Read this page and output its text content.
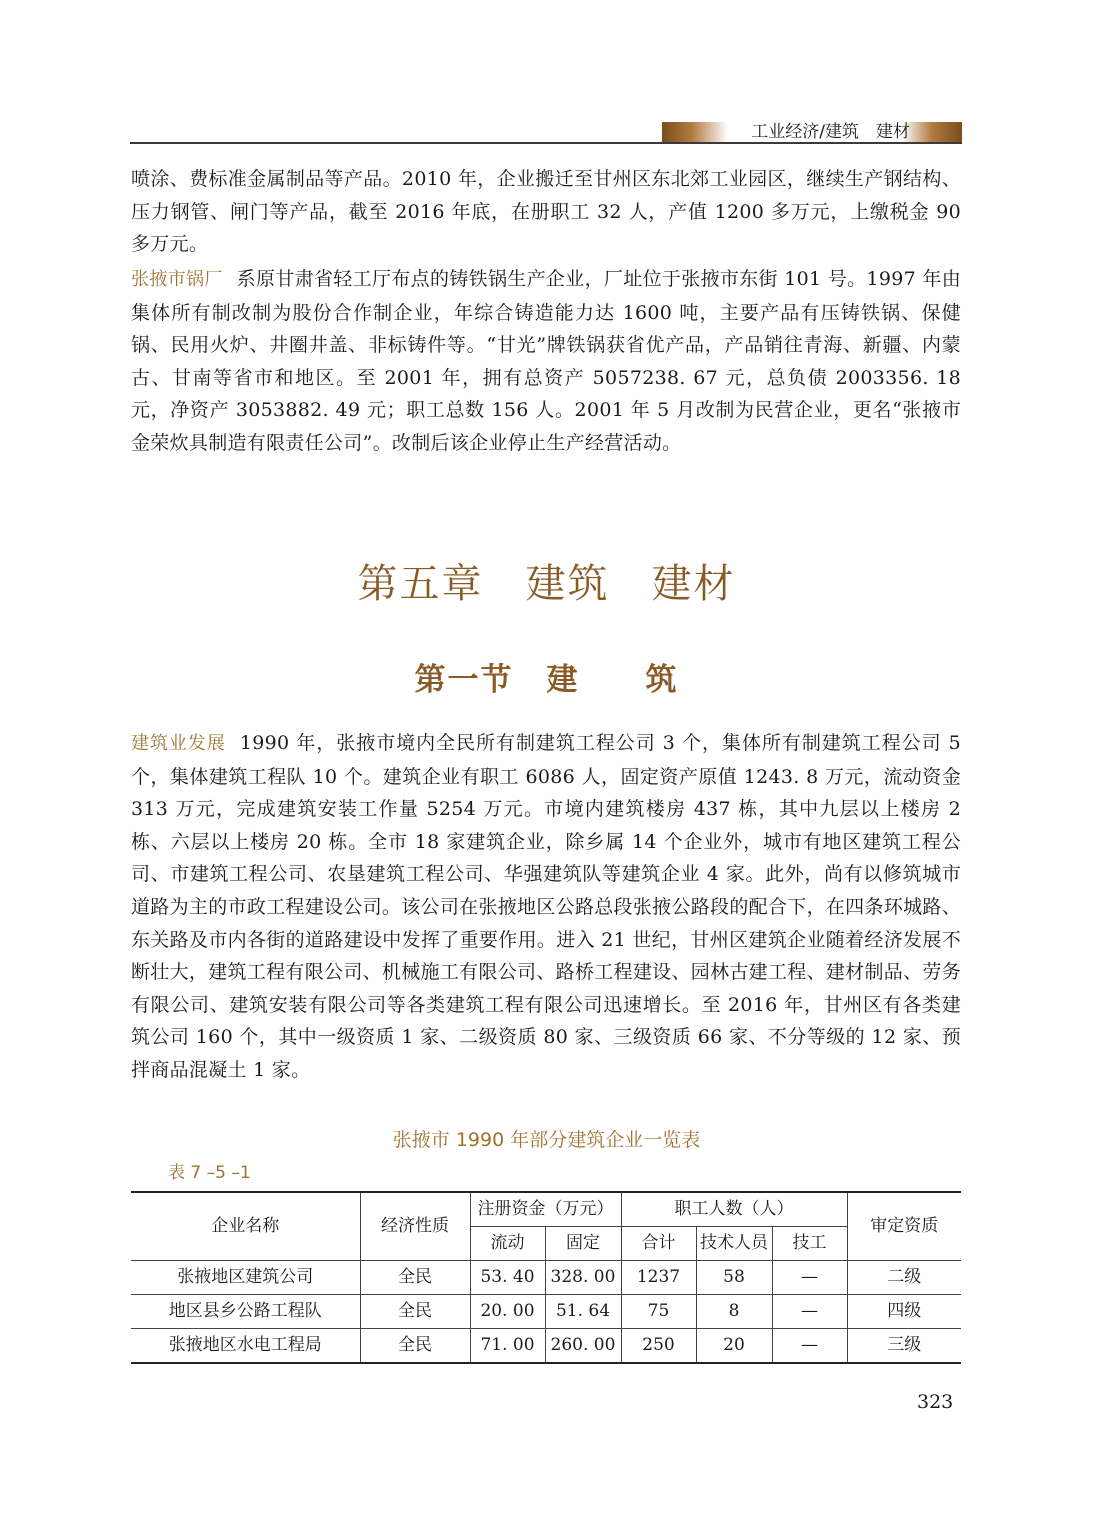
工业经济/建筑　建材

喷涂、费标准金属制品等产品。2010 年，企业搬迁至甘州区东北郊工业园区，继续生产钢结构、压力钢管、闸门等产品，截至 2016 年底，在册职工 32 人，产值 1200 多万元，上缴税金 90 多万元。

张掖市锅厂 系原甘肃省轻工厅布点的铸铁锅生产企业，厂址位于张掖市东街 101 号。1997 年由集体所有制改制为股份合作制企业，年综合铸造能力达 1600 吨，主要产品有压铸铁锅、保健锅、民用火炉、井圈井盖、非标铸件等。“甘光”牌铁锅获省优产品，产品销往青海、新疆、内蒙古、甘南等省市和地区。至 2001 年，拥有总资产 5057238. 67 元，总负债 2003356. 18 元，净资产 3053882. 49 元；职工总数 156 人。2001 年 5 月改制为民营企业，更名“张掖市金荣炊具制造有限责任公司”。改制后该企业停止生产经营活动。

第五章　建筑　建材
第一节　建　　筑

建筑业发展 1990 年，张掖市境内全民所有制建筑工程公司 3 个，集体所有制建筑工程公司 5 个，集体建筑工程队 10 个。建筑企业有职工 6086 人，固定资产原值 1243. 8 万元，流动资金 313 万元，完成建筑安装工作量 5254 万元。市境内建筑楼房 437 栋，其中九层以上楼房 2 栋、六层以上楼房 20 栋。全市 18 家建筑企业，除乡属 14 个企业外，城市有地区建筑工程公司、市建筑工程公司、农垦建筑工程公司、华强建筑队等建筑企业 4 家。此外，尚有以修筑城市道路为主的市政工程建设公司。该公司在张掖地区公路总段张掖公路段的配合下，在四条环城路、东关路及市内各街的道路建设中发挥了重要作用。进入 21 世纪，甘州区建筑企业随着经济发展不断壮大，建筑工程有限公司、机械施工有限公司、路桥工程建设、园林古建工程、建材制品、劳务有限公司、建筑安装有限公司等各类建筑工程有限公司迅速增长。至 2016 年，甘州区有各类建筑公司 160 个，其中一级资质 1 家、二级资质 80 家、三级资质 66 家、不分等级的 12 家、预拌商品混凝土 1 家。

张掖市 1990 年部分建筑企业一览表
表 7 –5 –1
企业名称	经济性质	注册资金（万元）		职工人数（人）			审定资质
		流动	固定	合计	技术人员	技工	
张掖地区建筑公司	全民	53. 40	328. 00	1237	58	—	二级
地区县乡公路工程队	全民	20. 00	51. 64	75	8	—	四级
张掖地区水电工程局	全民	71. 00	260. 00	250	20	—	三级
323
